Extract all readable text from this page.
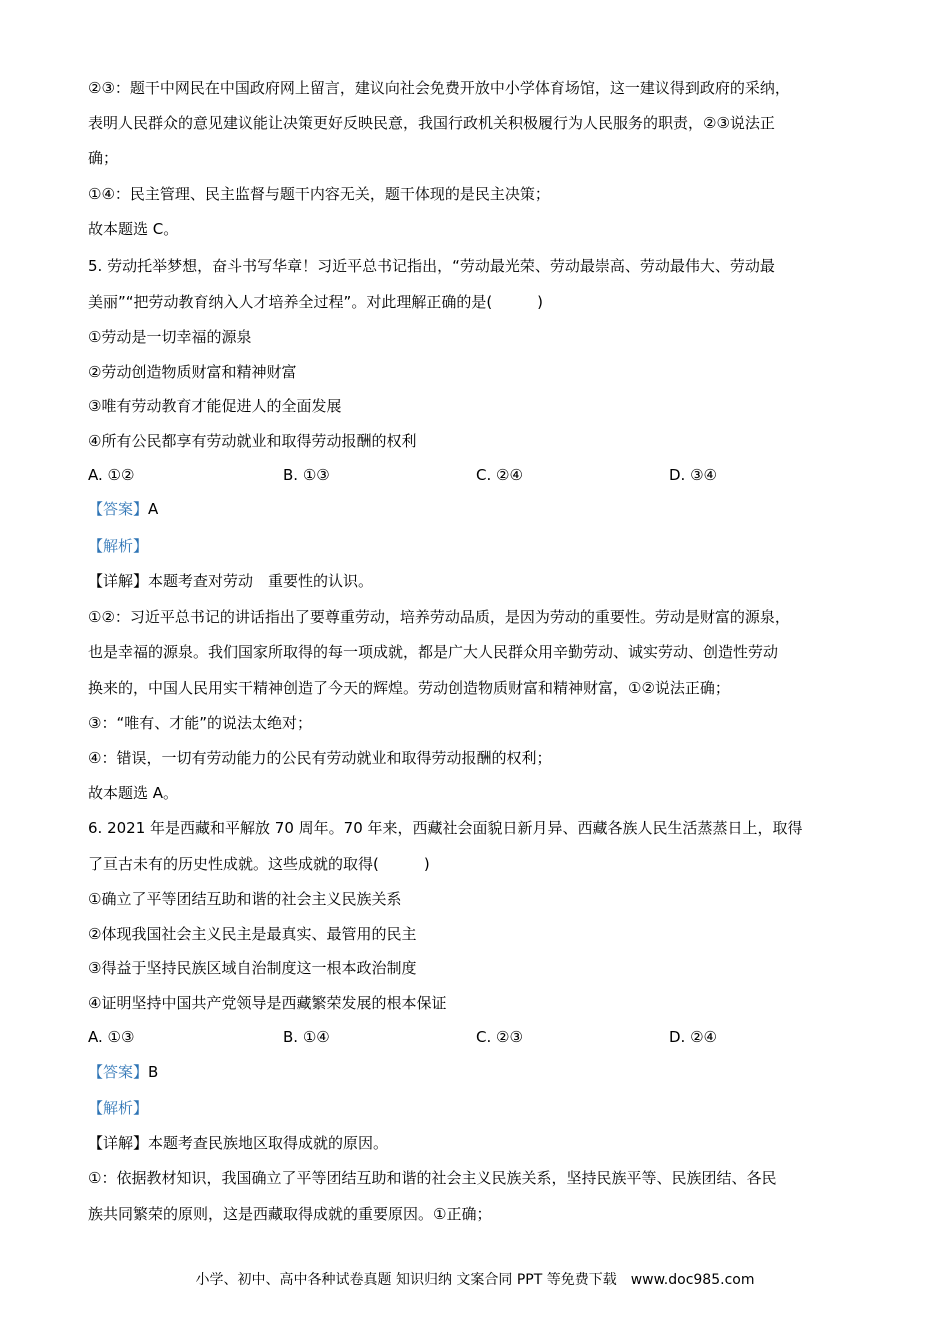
②③：题干中网民在中国政府网上留言，建议向社会免费开放中小学体育场馆，这一建议得到政府的采纳，
表明人民群众的意见建议能让决策更好反映民意，我国行政机关积极履行为人民服务的职责，②③说法正
确；
①④：民主管理、民主监督与题干内容无关，题干体现的是民主决策；
故本题选 C。
5. 劳动托举梦想，奋斗书写华章！习近平总书记指出，“劳动最光荣、劳动最崇高、劳动最伟大、劳动最
美丽”“把劳动教育纳入人才培养全过程”。对此理解正确的是(　　　)
①劳动是一切幸福的源泉
②劳动创造物质财富和精神财富
③唯有劳动教育才能促进人的全面发展
④所有公民都享有劳动就业和取得劳动报酬的权利
A. ①②	B. ①③	C. ②④	D. ③④
【答案】A
【解析】
【详解】本题考查对劳动　重要性的认识。
①②：习近平总书记的讲话指出了要尊重劳动，培养劳动品质，是因为劳动的重要性。劳动是财富的源泉，
也是幸福的源泉。我们国家所取得的每一项成就，都是广大人民群众用辛勤劳动、诚实劳动、创造性劳动
换来的，中国人民用实干精神创造了今天的辉煌。劳动创造物质财富和精神财富，①②说法正确；
③：“唯有、才能”的说法太绝对；
④：错误，一切有劳动能力的公民有劳动就业和取得劳动报酬的权利；
故本题选 A。
6. 2021 年是西藏和平解放 70 周年。70 年来，西藏社会面貌日新月异、西藏各族人民生活蒸蒸日上，取得
了亘古未有的历史性成就。这些成就的取得(　　　)
①确立了平等团结互助和谐的社会主义民族关系
②体现我国社会主义民主是最真实、最管用的民主
③得益于坚持民族区域自治制度这一根本政治制度
④证明坚持中国共产党领导是西藏繁荣发展的根本保证
A. ①③	B. ①④	C. ②③	D. ②④
【答案】B
【解析】
【详解】本题考查民族地区取得成就的原因。
①：依据教材知识，我国确立了平等团结互助和谐的社会主义民族关系，坚持民族平等、民族团结、各民
族共同繁荣的原则，这是西藏取得成就的重要原因。①正确；
小学、初中、高中各种试卷真题 知识归纳 文案合同 PPT 等免费下载　www.doc985.com
